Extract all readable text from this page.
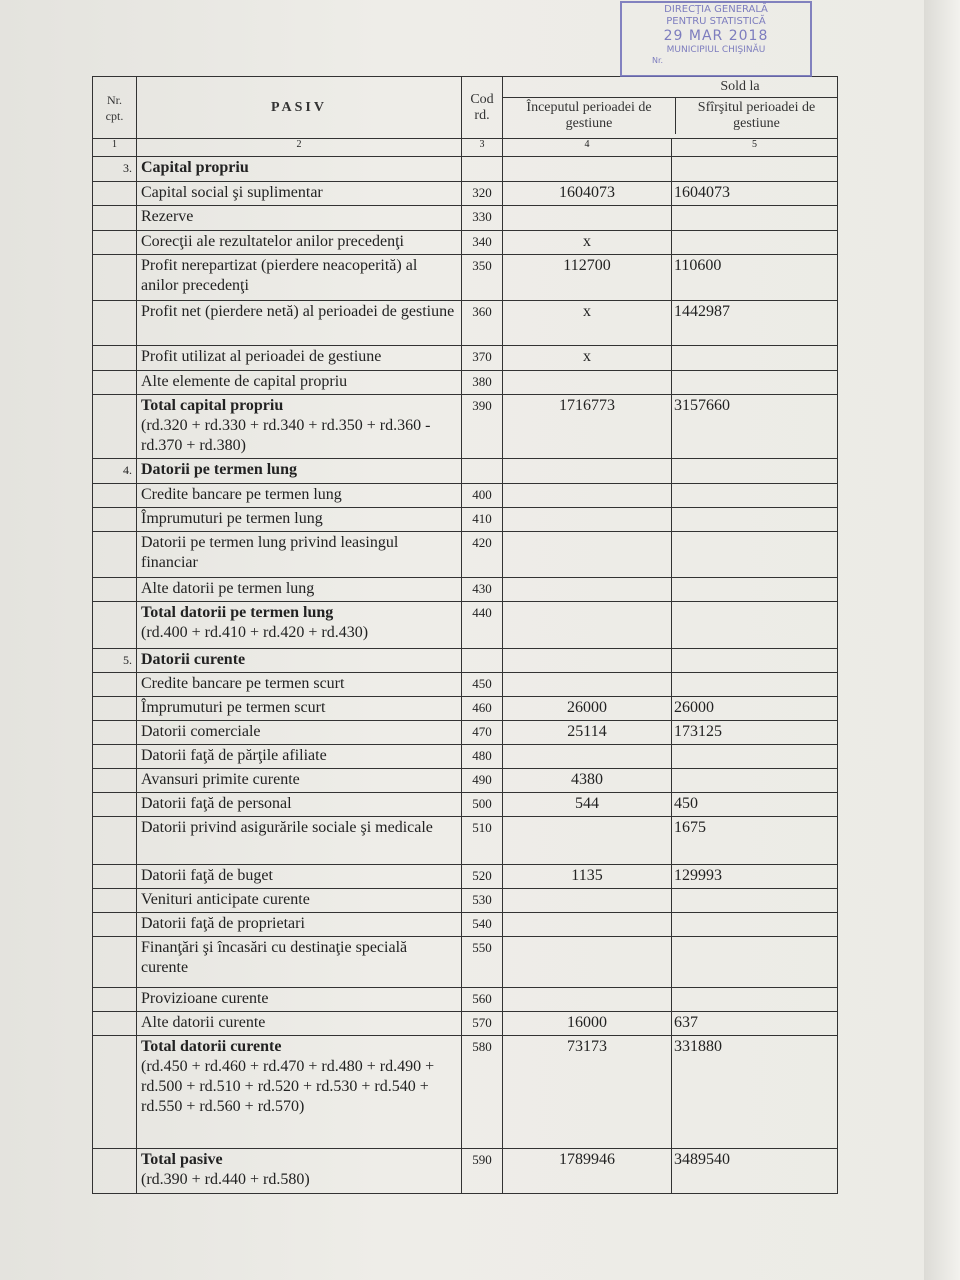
Nr. cpt.	PASIV	Cod rd.	Sold la
Începutul perioadei de gestiune
Sfîrşitul perioadei de gestiune	

1	2	3	4	5
3.	Capital propriu			
	Capital social şi suplimentar	320	1604073	1604073
	Rezerve	330		
	Corecţii ale rezultatelor anilor precedenţi	340	x	
	Profit nerepartizat (pierdere neacoperită) al anilor precedenţi	350	112700	110600
	Profit net (pierdere netă) al perioadei de gestiune	360	x	1442987
	Profit utilizat al perioadei de gestiune	370	x	
	Alte elemente de capital propriu	380		
	Total capital propriu
(rd.320 + rd.330 + rd.340 + rd.350 + rd.360 - rd.370 + rd.380)	390	1716773	3157660
4.	Datorii pe termen lung			
	Credite bancare pe termen lung	400		
	Împrumuturi pe termen lung	410		
	Datorii pe termen lung privind leasingul financiar	420		
	Alte datorii pe termen lung	430		
	Total datorii pe termen lung
(rd.400 + rd.410 + rd.420 + rd.430)	440		
5.	Datorii curente			
	Credite bancare pe termen scurt	450		
	Împrumuturi pe termen scurt	460	26000	26000
	Datorii comerciale	470	25114	173125
	Datorii faţă de părţile afiliate	480		
	Avansuri primite curente	490	4380	
	Datorii faţă de personal	500	544	450
	Datorii privind asigurările sociale şi medicale	510		1675
	Datorii faţă de buget	520	1135	129993
	Venituri anticipate curente	530		
	Datorii faţă de proprietari	540		
	Finanţări şi încasări cu destinaţie specială curente	550		
	Provizioane curente	560		
	Alte datorii curente	570	16000	637
	Total datorii curente
(rd.450 + rd.460 + rd.470 + rd.480 + rd.490 + rd.500 + rd.510 + rd.520 + rd.530 + rd.540 + rd.550 + rd.560 + rd.570)	580	73173	331880
	Total pasive
(rd.390 + rd.440 + rd.580)	590	1789946	3489540
DIRECŢIA GENERALĂ
PENTRU STATISTICĂ
29 MAR 2018
MUNICIPIUL CHIŞINĂU
Nr.
